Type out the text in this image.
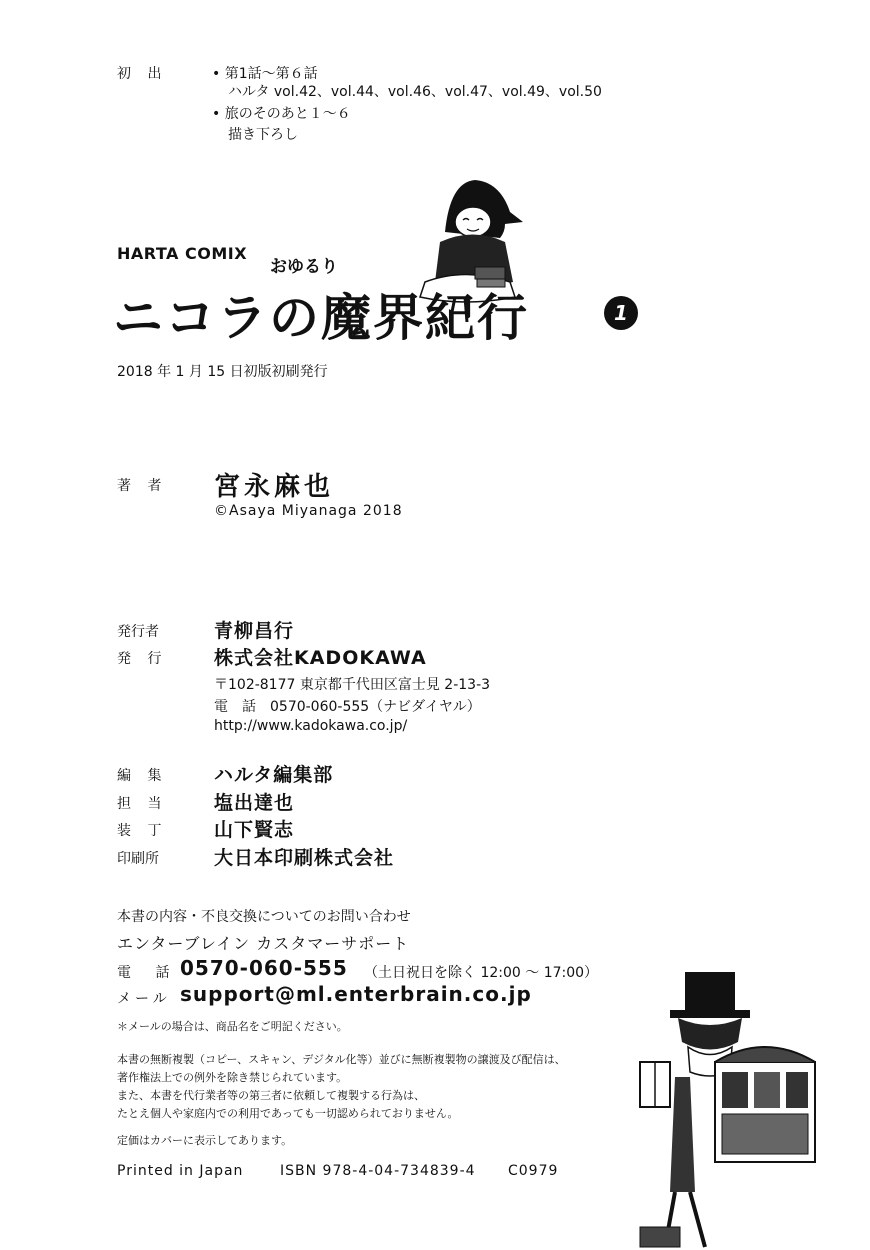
初 出	• 第1話～第６話
ハルタ vol.42、vol.44、vol.46、vol.47、vol.49、vol.50
• 旅のそのあと１～６
描き下ろし
HARTA COMIX
おゆるり
ニコラの魔界紀行	1
2018 年 1 月 15 日初版初刷発行
著 者 宮永麻也
©Asaya Miyanaga 2018
発行者	青柳昌行
発 行 株式会社KADOKAWA
〒102-8177 東京都千代田区富士見 2-13-3
電　話　0570-060-555（ナビダイヤル）
http://www.kadokawa.co.jp/
編 集 ハルタ編集部
担 当 塩出達也
装 丁 山下賢志
印刷所	大日本印刷株式会社
本書の内容・不良交換についてのお問い合わせ
エンターブレイン カスタマーサポート
電 話 0570-060-555 （土日祝日を除く 12:00 ～ 17:00）
メール support@ml.enterbrain.co.jp
＊メールの場合は、商品名をご明記ください。
本書の無断複製（コピー、スキャン、デジタル化等）並びに無断複製物の譲渡及び配信は、
著作権法上での例外を除き禁じられています。
また、本書を代行業者等の第三者に依頼して複製する行為は、
たとえ個人や家庭内での利用であっても一切認められておりません。
定価はカバーに表示してあります。
Printed in Japan	ISBN 978-4-04-734839-4 C0979
